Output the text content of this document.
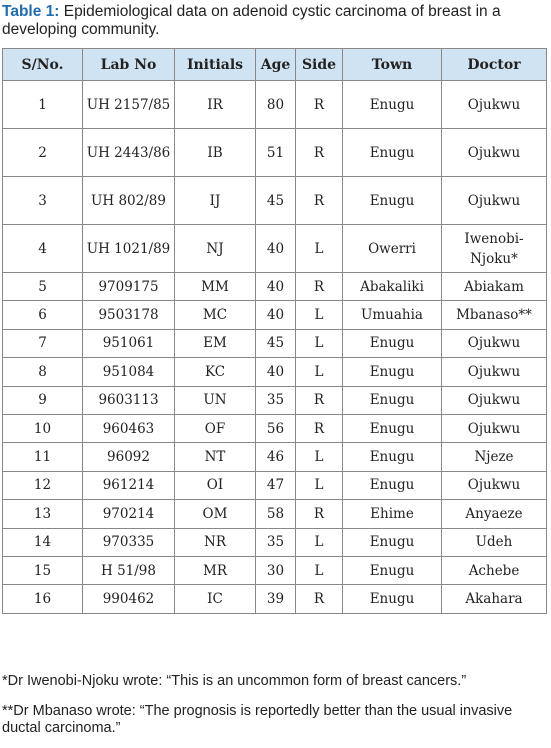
Table 1: Epidemiological data on adenoid cystic carcinoma of breast in a developing community.
S/No.	Lab No	Initials	Age	Side	Town	Doctor
1	UH 2157/85	IR	80	R	Enugu	Ojukwu
2	UH 2443/86	IB	51	R	Enugu	Ojukwu
3	UH 802/89	IJ	45	R	Enugu	Ojukwu
4	UH 1021/89	NJ	40	L	Owerri	Iwenobi-Njoku*
5	9709175	MM	40	R	Abakaliki	Abiakam
6	9503178	MC	40	L	Umuahia	Mbanaso**
7	951061	EM	45	L	Enugu	Ojukwu
8	951084	KC	40	L	Enugu	Ojukwu
9	9603113	UN	35	R	Enugu	Ojukwu
10	960463	OF	56	R	Enugu	Ojukwu
11	96092	NT	46	L	Enugu	Njeze
12	961214	OI	47	L	Enugu	Ojukwu
13	970214	OM	58	R	Ehime	Anyaeze
14	970335	NR	35	L	Enugu	Udeh
15	H 51/98	MR	30	L	Enugu	Achebe
16	990462	IC	39	R	Enugu	Akahara

*Dr Iwenobi-Njoku wrote: “This is an uncommon form of breast cancers.”

**Dr Mbanaso wrote: “The prognosis is reportedly better than the usual invasive ductal carcinoma.”
